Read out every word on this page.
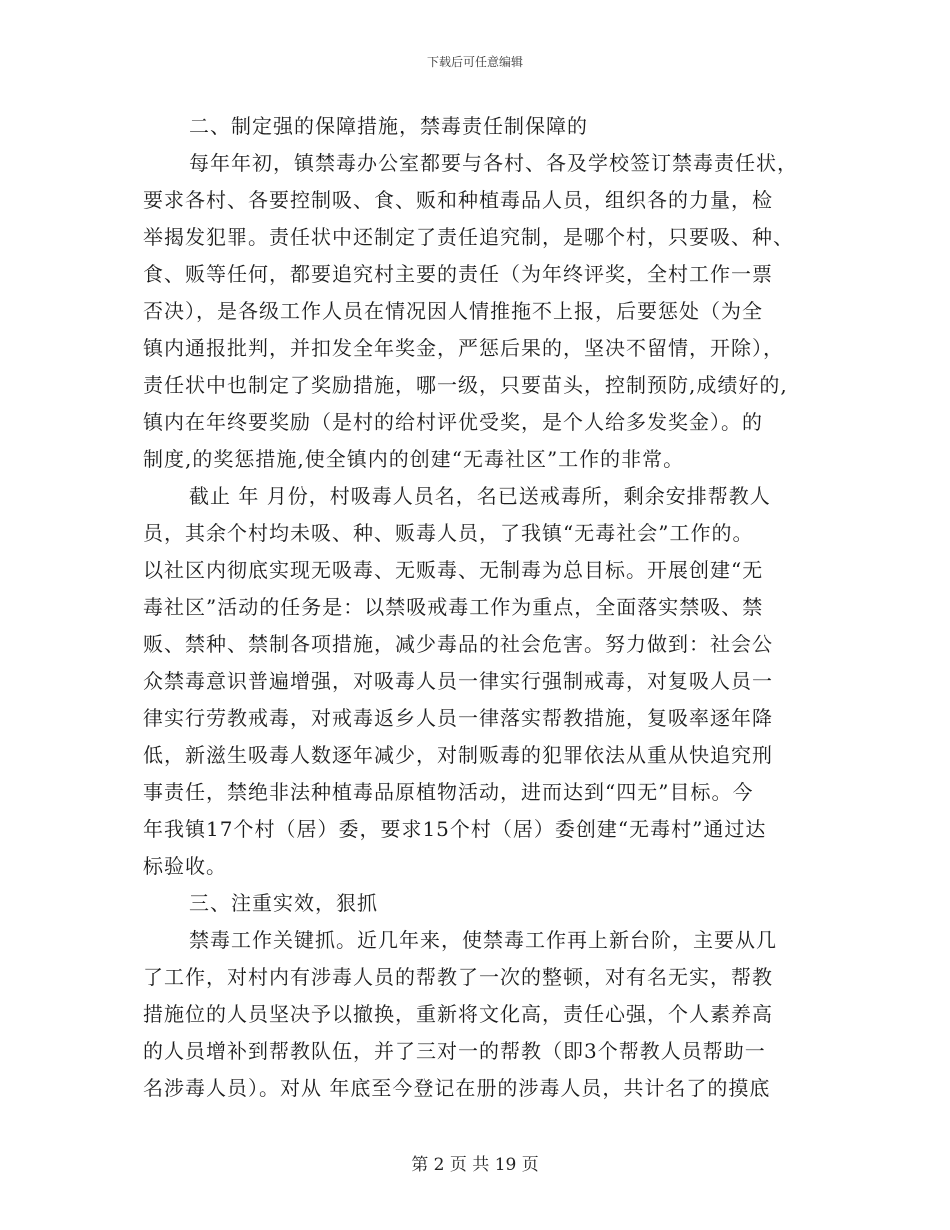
下载后可任意编辑
二、制定强的保障措施，禁毒责任制保障的
每年年初，镇禁毒办公室都要与各村、各及学校签订禁毒责任状，
要求各村、各要控制吸、食、贩和种植毒品人员，组织各的力量，检
举揭发犯罪。责任状中还制定了责任追究制，是哪个村，只要吸、种、
食、贩等任何，都要追究村主要的责任（为年终评奖，全村工作一票
否决），是各级工作人员在情况因人情推拖不上报，后要惩处（为全
镇内通报批判，并扣发全年奖金，严惩后果的，坚决不留情，开除），
责任状中也制定了奖励措施，哪一级，只要苗头，控制预防,成绩好的,
镇内在年终要奖励（是村的给村评优受奖，是个人给多发奖金）。的
制度,的奖惩措施,使全镇内的创建“无毒社区”工作的非常。
截止 年 月份，村吸毒人员名，名已送戒毒所，剩余安排帮教人
员，其余个村均未吸、种、贩毒人员，了我镇“无毒社会”工作的。
以社区内彻底实现无吸毒、无贩毒、无制毒为总目标。开展创建“无
毒社区”活动的任务是：以禁吸戒毒工作为重点，全面落实禁吸、禁
贩、禁种、禁制各项措施，减少毒品的社会危害。努力做到：社会公
众禁毒意识普遍增强，对吸毒人员一律实行强制戒毒，对复吸人员一
律实行劳教戒毒，对戒毒返乡人员一律落实帮教措施，复吸率逐年降
低，新滋生吸毒人数逐年减少，对制贩毒的犯罪依法从重从快追究刑
事责任，禁绝非法种植毒品原植物活动，进而达到“四无”目标。今
年我镇17个村（居）委，要求15个村（居）委创建“无毒村”通过达
标验收。
三、注重实效，狠抓
禁毒工作关键抓。近几年来，使禁毒工作再上新台阶，主要从几
了工作，对村内有涉毒人员的帮教了一次的整顿，对有名无实，帮教
措施位的人员坚决予以撤换，重新将文化高，责任心强，个人素养高
的人员增补到帮教队伍，并了三对一的帮教（即3个帮教人员帮助一
名涉毒人员）。对从 年底至今登记在册的涉毒人员，共计名了的摸底
第 2 页 共 19 页
